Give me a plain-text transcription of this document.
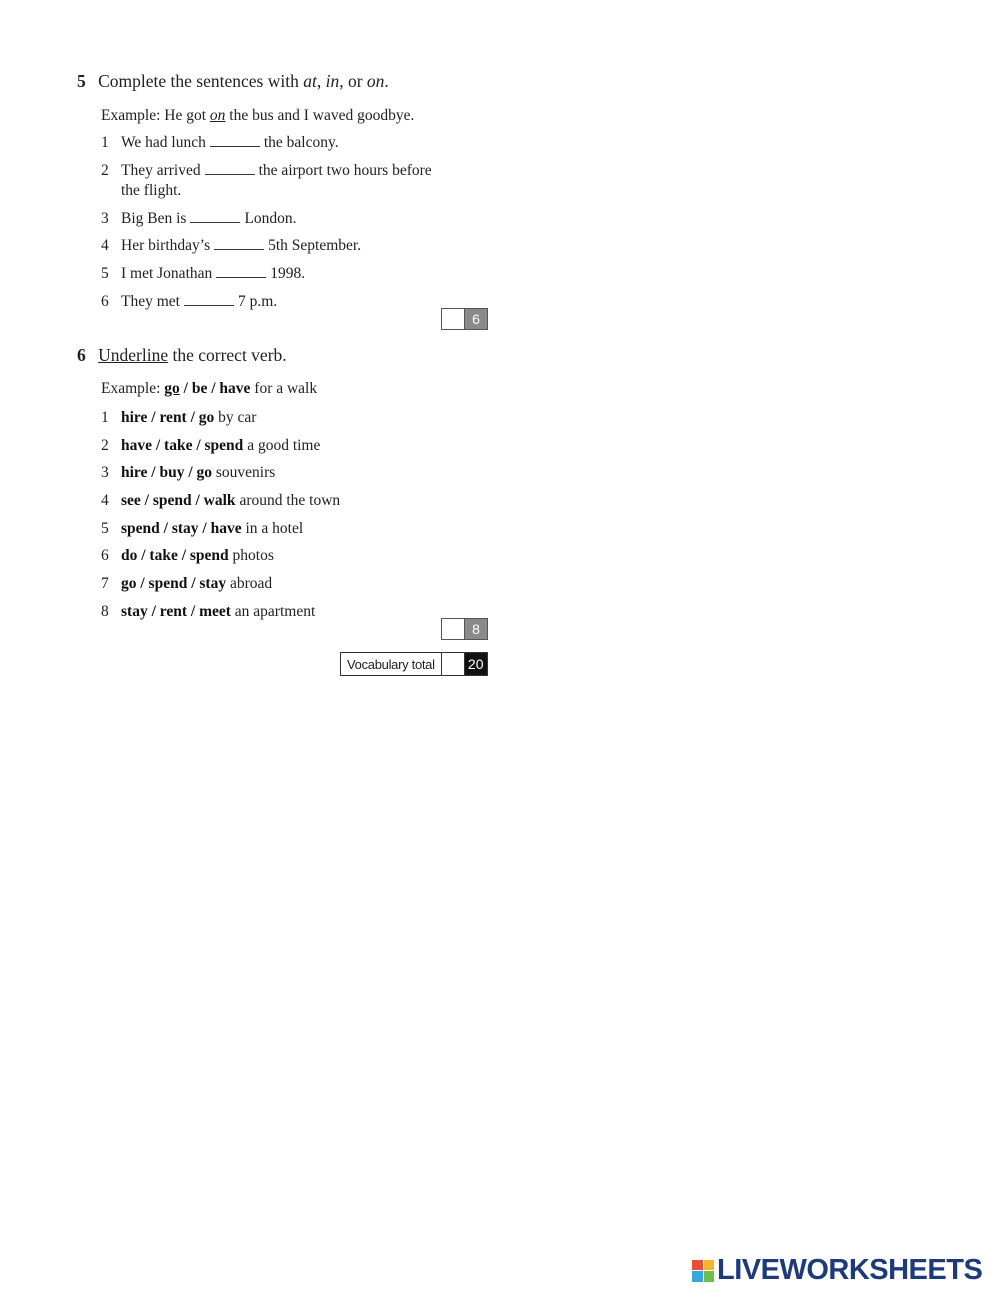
5 Complete the sentences with at, in, or on.
Example: He got on the bus and I waved goodbye.
1 We had lunch	the balcony.
2 They arrived	the airport two hours before
the flight.
3 Big Ben is	London.
4 Her birthday’s	5th September.
5 I met Jonathan	1998.
6 They met	7 p.m.
6
6 Underline the correct verb.
Example: go / be / have for a walk
1 hire / rent / go by car
2 have / take / spend a good time
3 hire / buy / go souvenirs
4 see / spend / walk around the town
5 spend / stay / have in a hotel
6 do / take / spend photos
7 go / spend / stay abroad
8 stay / rent / meet an apartment
8
Vocabulary total	20
LIVEWORKSHEETS
